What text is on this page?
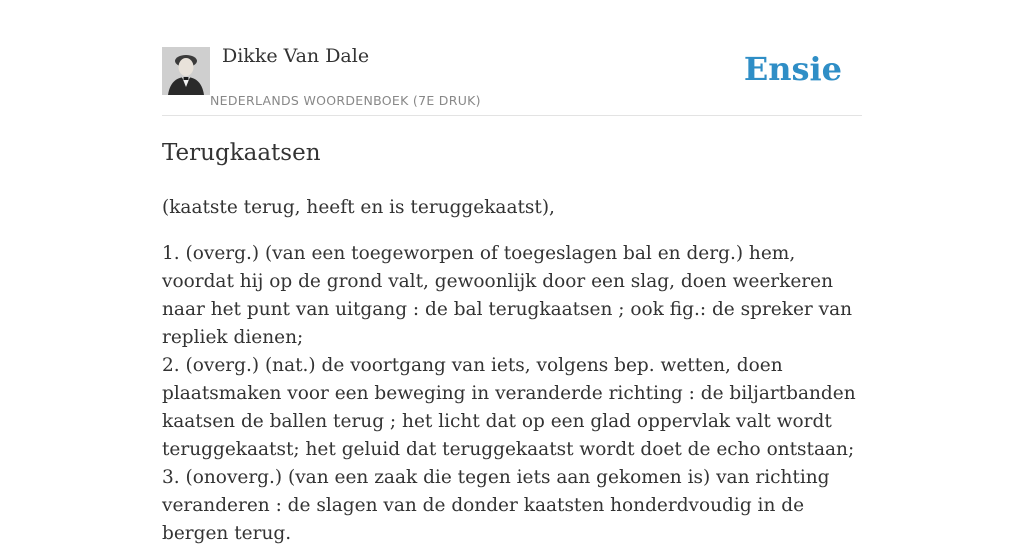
Dikke Van Dale
NEDERLANDS WOORDENBOEK (7E DRUK)
Ensie
Terugkaatsen

(kaatste terug, heeft en is teruggekaatst),

1. (overg.) (van een toegeworpen of toegeslagen bal en derg.) hem, voordat hij op de grond valt, gewoonlijk door een slag, doen weerkeren naar het punt van uitgang : de bal terugkaatsen ; ook fig.: de spreker van repliek dienen;
2. (overg.) (nat.) de voortgang van iets, volgens bep. wetten, doen plaatsmaken voor een beweging in veranderde richting : de biljartbanden kaatsen de ballen terug ; het licht dat op een glad oppervlak valt wordt teruggekaatst; het geluid dat teruggekaatst wordt doet de echo ontstaan;
3. (onoverg.) (van een zaak die tegen iets aan gekomen is) van richting veranderen : de slagen van de donder kaatsten honderdvoudig in de bergen terug.
